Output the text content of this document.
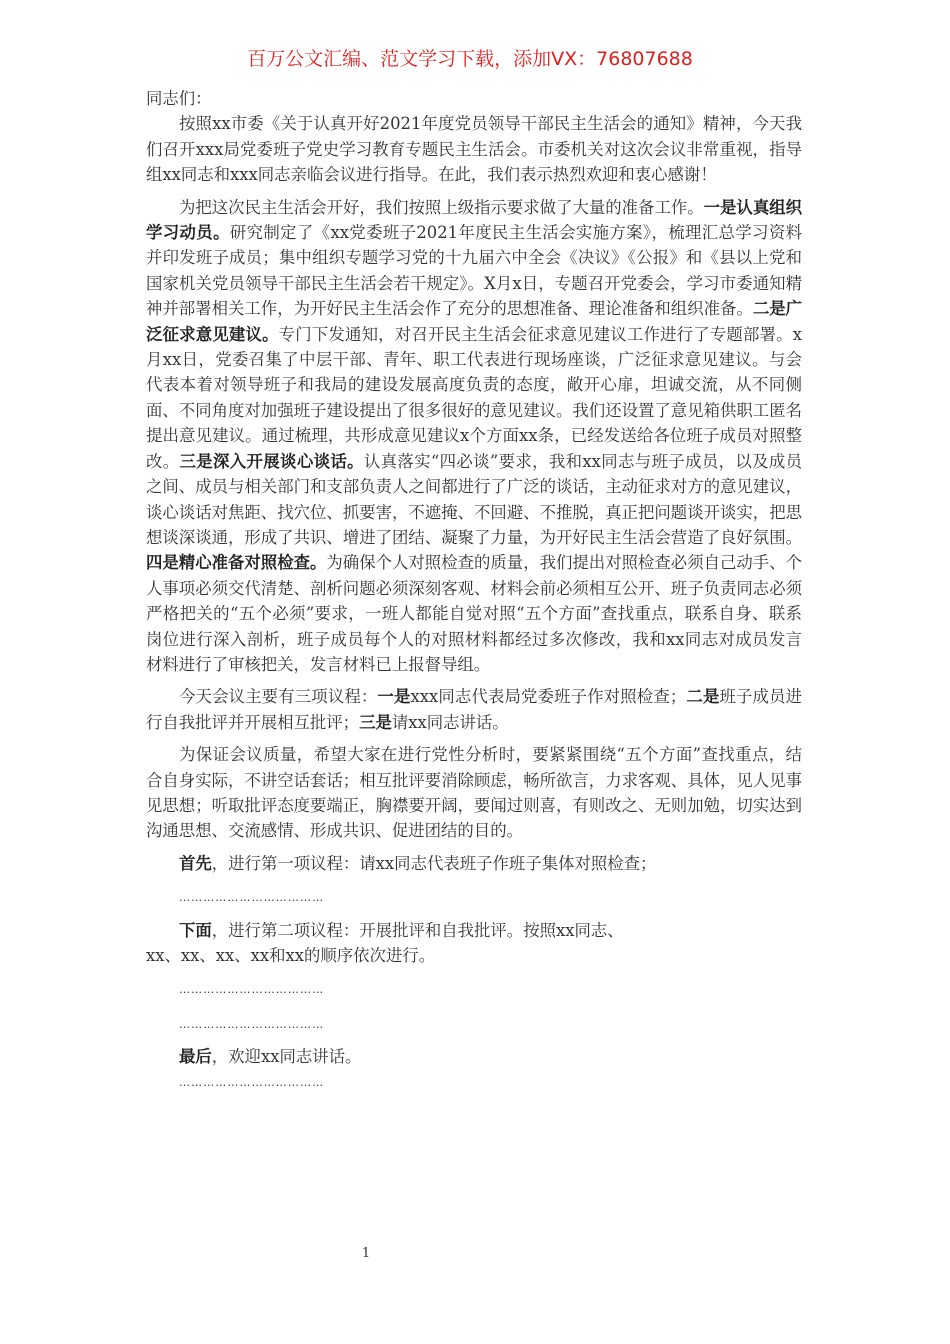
百万公文汇编、范文学习下载，添加VX：76807688

同志们：

按照xx市委《关于认真开好2021年度党员领导干部民主生活会的通知》精神，今天我们召开xxx局党委班子党史学习教育专题民主生活会。市委机关对这次会议非常重视，指导组xx同志和xxx同志亲临会议进行指导。在此，我们表示热烈欢迎和衷心感谢！

为把这次民主生活会开好，我们按照上级指示要求做了大量的准备工作。一是认真组织学习动员。研究制定了《xx党委班子2021年度民主生活会实施方案》，梳理汇总学习资料并印发班子成员；集中组织专题学习党的十九届六中全会《决议》《公报》和《县以上党和国家机关党员领导干部民主生活会若干规定》。X月x日，专题召开党委会，学习市委通知精神并部署相关工作，为开好民主生活会作了充分的思想准备、理论准备和组织准备。二是广泛征求意见建议。专门下发通知，对召开民主生活会征求意见建议工作进行了专题部署。x月xx日，党委召集了中层干部、青年、职工代表进行现场座谈，广泛征求意见建议。与会代表本着对领导班子和我局的建设发展高度负责的态度，敞开心扉，坦诚交流，从不同侧面、不同角度对加强班子建设提出了很多很好的意见建议。我们还设置了意见箱供职工匿名提出意见建议。通过梳理，共形成意见建议x个方面xx条，已经发送给各位班子成员对照整改。三是深入开展谈心谈话。认真落实“四必谈”要求，我和xx同志与班子成员，以及成员之间、成员与相关部门和支部负责人之间都进行了广泛的谈话，主动征求对方的意见建议，谈心谈话对焦距、找穴位、抓要害，不遮掩、不回避、不推脱，真正把问题谈开谈实，把思想谈深谈通，形成了共识、增进了团结、凝聚了力量，为开好民主生活会营造了良好氛围。四是精心准备对照检查。为确保个人对照检查的质量，我们提出对照检查必须自己动手、个人事项必须交代清楚、剖析问题必须深刻客观、材料会前必须相互公开、班子负责同志必须严格把关的“五个必须”要求，一班人都能自觉对照“五个方面”查找重点，联系自身、联系岗位进行深入剖析，班子成员每个人的对照材料都经过多次修改，我和xx同志对成员发言材料进行了审核把关，发言材料已上报督导组。

今天会议主要有三项议程：一是xxx同志代表局党委班子作对照检查；二是班子成员进行自我批评并开展相互批评；三是请xx同志讲话。

为保证会议质量，希望大家在进行党性分析时，要紧紧围绕“五个方面”查找重点，结合自身实际，不讲空话套话；相互批评要消除顾虑，畅所欲言，力求客观、具体，见人见事见思想；听取批评态度要端正，胸襟要开阔，要闻过则喜，有则改之、无则加勉，切实达到沟通思想、交流感情、形成共识、促进团结的目的。

首先，进行第一项议程：请xx同志代表班子作班子集体对照检查；

………………………………

下面，进行第二项议程：开展批评和自我批评。按照xx同志、

xx、xx、xx、xx和xx的顺序依次进行。

………………………………

………………………………

最后，欢迎xx同志讲话。

………………………………

1
